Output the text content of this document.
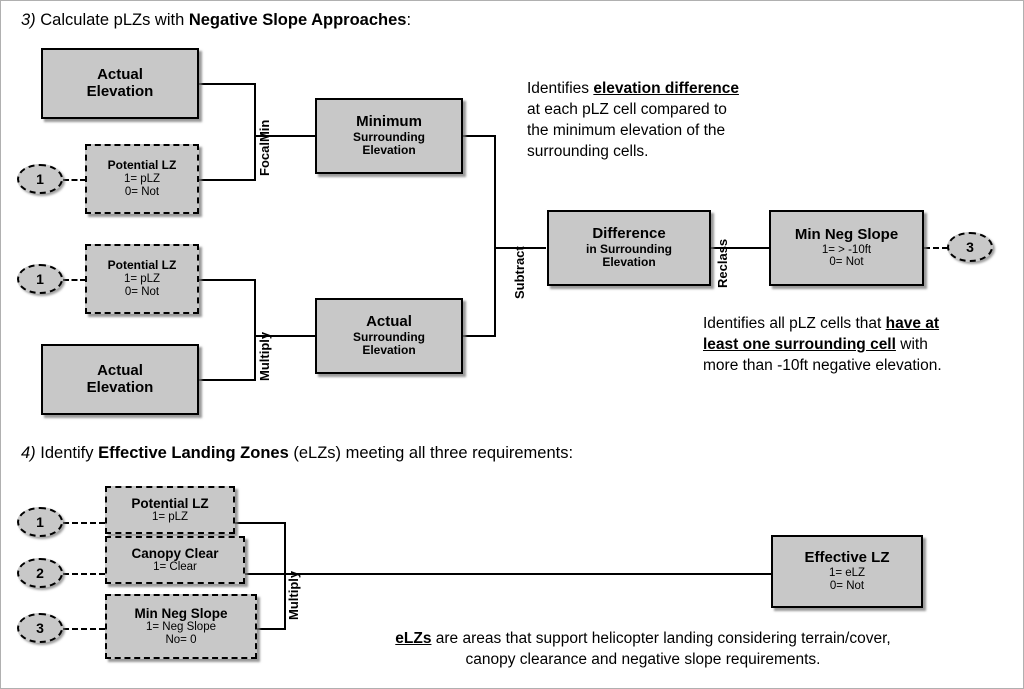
3) Calculate pLZs with Negative Slope Approaches:
Actual
Elevation
Potential LZ
1= pLZ
0= Not
Minimum
Surrounding
Elevation
Potential LZ
1= pLZ
0= Not
Actual
Elevation
Actual
Surrounding
Elevation
Difference
in Surrounding
Elevation
Min Neg Slope
1= > -10ft
0= Not
1
1
3
FocalMin
Multiply
Subtract	Reclass
Identifies elevation difference
at each pLZ cell compared to
the minimum elevation of the
surrounding cells.
Identifies all pLZ cells that have at
least one surrounding cell with
more than -10ft negative elevation.
4) Identify Effective Landing Zones (eLZs) meeting all three requirements:
Potential LZ
1= pLZ
Canopy Clear
1= Clear
Min Neg Slope
1= Neg Slope
No= 0
Effective LZ
1= eLZ
0= Not
1
2
3
Multiply
eLZs are areas that support helicopter landing considering terrain/cover,
canopy clearance and negative slope requirements.
